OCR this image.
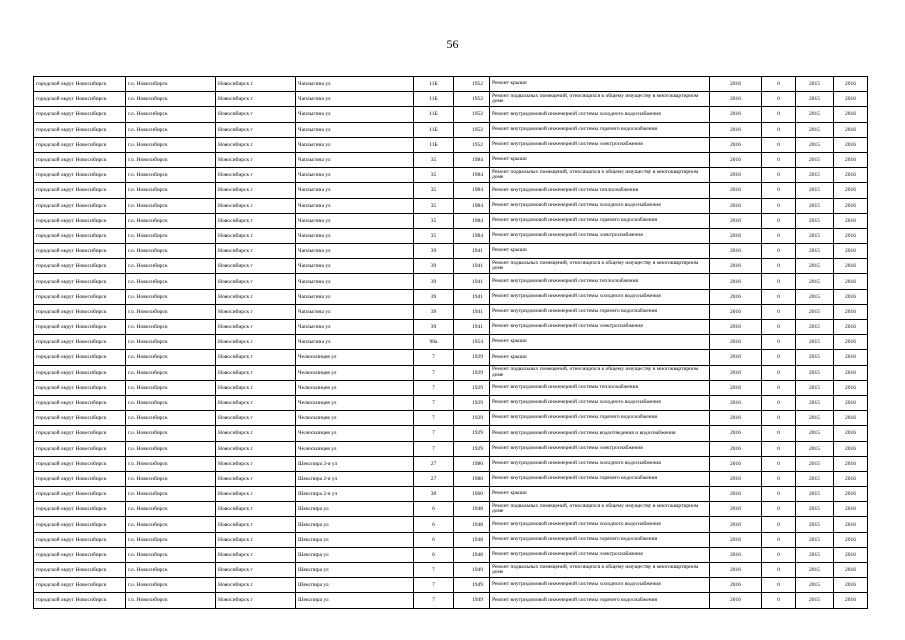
56
городской округ Новосибирск	г.о. Новосибирск	Новосибирск г	Чаплыгина ул	11Б	1952	Ремонт крыши	2016	0	2015	2016
городской округ Новосибирск	г.о. Новосибирск	Новосибирск г	Чаплыгина ул	11Б	1952	Ремонт подвальных помещений, относящихся к общему имуществу в многоквартирном доме	2016	0	2015	2016
городской округ Новосибирск	г.о. Новосибирск	Новосибирск г	Чаплыгина ул	11Б	1952	Ремонт внутридомовой инженерной системы холодного водоснабжения	2016	0	2015	2016
городской округ Новосибирск	г.о. Новосибирск	Новосибирск г	Чаплыгина ул	11Б	1952	Ремонт внутридомовой инженерной системы горячего водоснабжения	2016	0	2015	2016
городской округ Новосибирск	г.о. Новосибирск	Новосибирск г	Чаплыгина ул	11Б	1952	Ремонт внутридомовой инженерной системы электроснабжения	2016	0	2015	2016
городской округ Новосибирск	г.о. Новосибирск	Новосибирск г	Чаплыгина ул	35	1984	Ремонт крыши	2016	0	2015	2016
городской округ Новосибирск	г.о. Новосибирск	Новосибирск г	Чаплыгина ул	35	1984	Ремонт подвальных помещений, относящихся к общему имуществу в многоквартирном доме	2016	0	2015	2016
городской округ Новосибирск	г.о. Новосибирск	Новосибирск г	Чаплыгина ул	35	1984	Ремонт внутридомовой инженерной системы теплоснабжения	2016	0	2015	2016
городской округ Новосибирск	г.о. Новосибирск	Новосибирск г	Чаплыгина ул	35	1984	Ремонт внутридомовой инженерной системы холодного водоснабжения	2016	0	2015	2016
городской округ Новосибирск	г.о. Новосибирск	Новосибирск г	Чаплыгина ул	35	1984	Ремонт внутридомовой инженерной системы горячего водоснабжения	2016	0	2015	2016
городской округ Новосибирск	г.о. Новосибирск	Новосибирск г	Чаплыгина ул	35	1984	Ремонт внутридомовой инженерной системы электроснабжения	2016	0	2015	2016
городской округ Новосибирск	г.о. Новосибирск	Новосибирск г	Чаплыгина ул	39	1941	Ремонт крыши	2016	0	2015	2016
городской округ Новосибирск	г.о. Новосибирск	Новосибирск г	Чаплыгина ул	39	1941	Ремонт подвальных помещений, относящихся к общему имуществу в многоквартирном доме	2016	0	2015	2016
городской округ Новосибирск	г.о. Новосибирск	Новосибирск г	Чаплыгина ул	39	1941	Ремонт внутридомовой инженерной системы теплоснабжения	2016	0	2015	2016
городской округ Новосибирск	г.о. Новосибирск	Новосибирск г	Чаплыгина ул	39	1941	Ремонт внутридомовой инженерной системы холодного водоснабжения	2016	0	2015	2016
городской округ Новосибирск	г.о. Новосибирск	Новосибирск г	Чаплыгина ул	39	1941	Ремонт внутридомовой инженерной системы горячего водоснабжения	2016	0	2015	2016
городской округ Новосибирск	г.о. Новосибирск	Новосибирск г	Чаплыгина ул	39	1941	Ремонт внутридомовой инженерной системы электроснабжения	2016	0	2015	2016
городской округ Новосибирск	г.о. Новосибирск	Новосибирск г	Чаплыгина ул	98а	1954	Ремонт крыши	2016	0	2015	2016
городской округ Новосибирск	г.о. Новосибирск	Новосибирск г	Челюскинцев ул	7	1929	Ремонт крыши	2016	0	2015	2016
городской округ Новосибирск	г.о. Новосибирск	Новосибирск г	Челюскинцев ул	7	1929	Ремонт подвальных помещений, относящихся к общему имуществу в многоквартирном доме	2016	0	2015	2016
городской округ Новосибирск	г.о. Новосибирск	Новосибирск г	Челюскинцев ул	7	1929	Ремонт внутридомовой инженерной системы теплоснабжения	2016	0	2015	2016
городской округ Новосибирск	г.о. Новосибирск	Новосибирск г	Челюскинцев ул	7	1929	Ремонт внутридомовой инженерной системы холодного водоснабжения	2016	0	2015	2016
городской округ Новосибирск	г.о. Новосибирск	Новосибирск г	Челюскинцев ул	7	1929	Ремонт внутридомовой инженерной системы горячего водоснабжения	2016	0	2015	2016
городской округ Новосибирск	г.о. Новосибирск	Новосибирск г	Челюскинцев ул	7	1929	Ремонт внутридомовой инженерной системы водоотведения и водоснабжения	2016	0	2015	2016
городской округ Новосибирск	г.о. Новосибирск	Новосибирск г	Челюскинцев ул	7	1929	Ремонт внутридомовой инженерной системы электроснабжения	2016	0	2015	2016
городской округ Новосибирск	г.о. Новосибирск	Новосибирск г	Шекспира 2-я ул	27	1980	Ремонт внутридомовой инженерной системы холодного водоснабжения	2016	0	2015	2016
городской округ Новосибирск	г.о. Новосибирск	Новосибирск г	Шекспира 2-я ул	27	1980	Ремонт внутридомовой инженерной системы горячего водоснабжения	2016	0	2015	2016
городской округ Новосибирск	г.о. Новосибирск	Новосибирск г	Шекспира 2-я ул	30	1960	Ремонт крыши	2016	0	2015	2016
городской округ Новосибирск	г.о. Новосибирск	Новосибирск г	Шекспира ул	6	1948	Ремонт подвальных помещений, относящихся к общему имуществу в многоквартирном доме	2016	0	2015	2016
городской округ Новосибирск	г.о. Новосибирск	Новосибирск г	Шекспира ул	6	1948	Ремонт внутридомовой инженерной системы холодного водоснабжения	2016	0	2015	2016
городской округ Новосибирск	г.о. Новосибирск	Новосибирск г	Шекспира ул	6	1948	Ремонт внутридомовой инженерной системы горячего водоснабжения	2016	0	2015	2016
городской округ Новосибирск	г.о. Новосибирск	Новосибирск г	Шекспира ул	6	1948	Ремонт внутридомовой инженерной системы электроснабжения	2016	0	2015	2016
городской округ Новосибирск	г.о. Новосибирск	Новосибирск г	Шекспира ул	7	1949	Ремонт подвальных помещений, относящихся к общему имуществу в многоквартирном доме	2016	0	2015	2016
городской округ Новосибирск	г.о. Новосибирск	Новосибирск г	Шекспира ул	7	1949	Ремонт внутридомовой инженерной системы холодного водоснабжения	2016	0	2015	2016
городской округ Новосибирск	г.о. Новосибирск	Новосибирск г	Шекспира ул	7	1949	Ремонт внутридомовой инженерной системы горячего водоснабжения	2016	0	2015	2016
